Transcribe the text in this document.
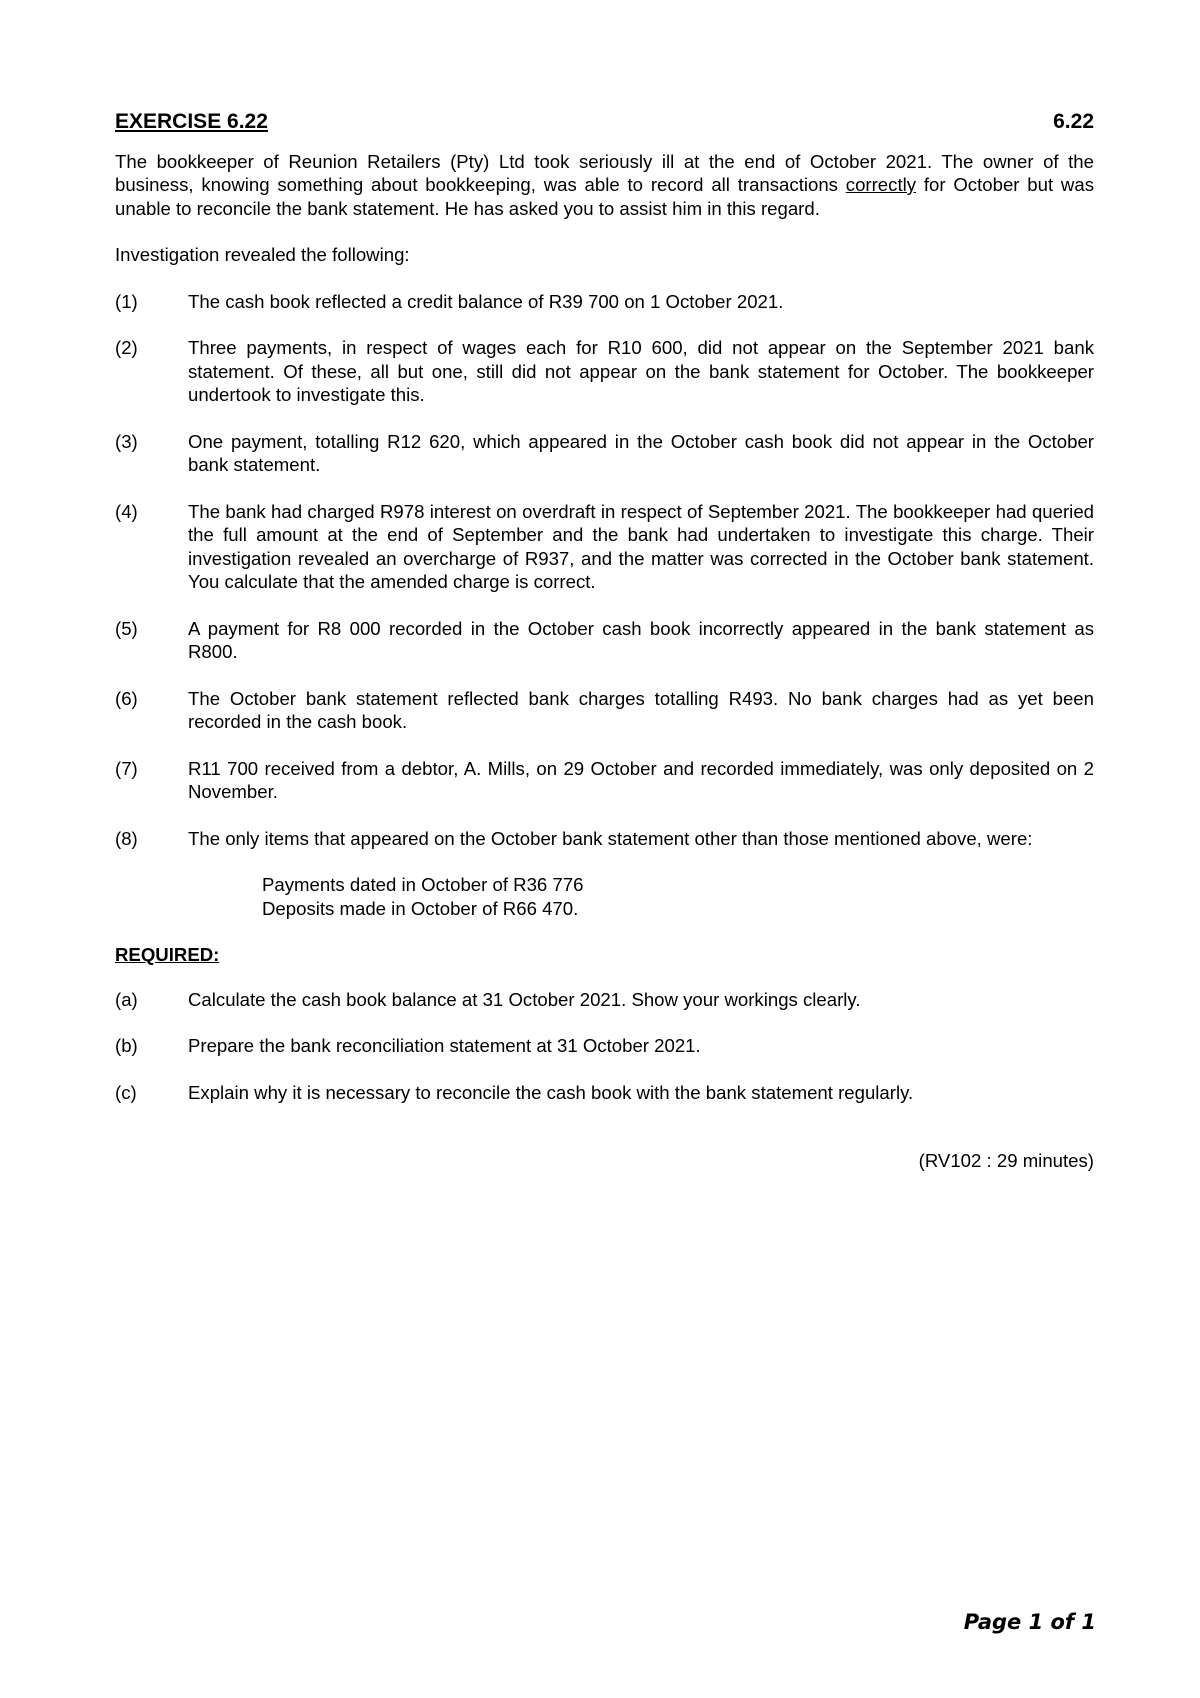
EXERCISE 6.22	6.22

The bookkeeper of Reunion Retailers (Pty) Ltd took seriously ill at the end of October 2021. The owner of the business, knowing something about bookkeeping, was able to record all transactions correctly for October but was unable to reconcile the bank statement. He has asked you to assist him in this regard.

Investigation revealed the following:

(1)	The cash book reflected a credit balance of R39 700 on 1 October 2021.
(2)	Three payments, in respect of wages each for R10 600, did not appear on the September 2021 bank statement. Of these, all but one, still did not appear on the bank statement for October. The bookkeeper undertook to investigate this.
(3)	One payment, totalling R12 620, which appeared in the October cash book did not appear in the October bank statement.
(4)	The bank had charged R978 interest on overdraft in respect of September 2021. The bookkeeper had queried the full amount at the end of September and the bank had undertaken to investigate this charge. Their investigation revealed an overcharge of R937, and the matter was corrected in the October bank statement. You calculate that the amended charge is correct.
(5)	A payment for R8 000 recorded in the October cash book incorrectly appeared in the bank statement as R800.
(6)	The October bank statement reflected bank charges totalling R493. No bank charges had as yet been recorded in the cash book.
(7)	R11 700 received from a debtor, A. Mills, on 29 October and recorded immediately, was only deposited on 2 November.
(8)	The only items that appeared on the October bank statement other than those mentioned above, were:
Payments dated in October of R36 776
Deposits made in October of R66 470.
REQUIRED:
(a)	Calculate the cash book balance at 31 October 2021. Show your workings clearly.
(b)	Prepare the bank reconciliation statement at 31 October 2021.
(c)	Explain why it is necessary to reconcile the cash book with the bank statement regularly.
(RV102 : 29 minutes)
Page 1 of 1
